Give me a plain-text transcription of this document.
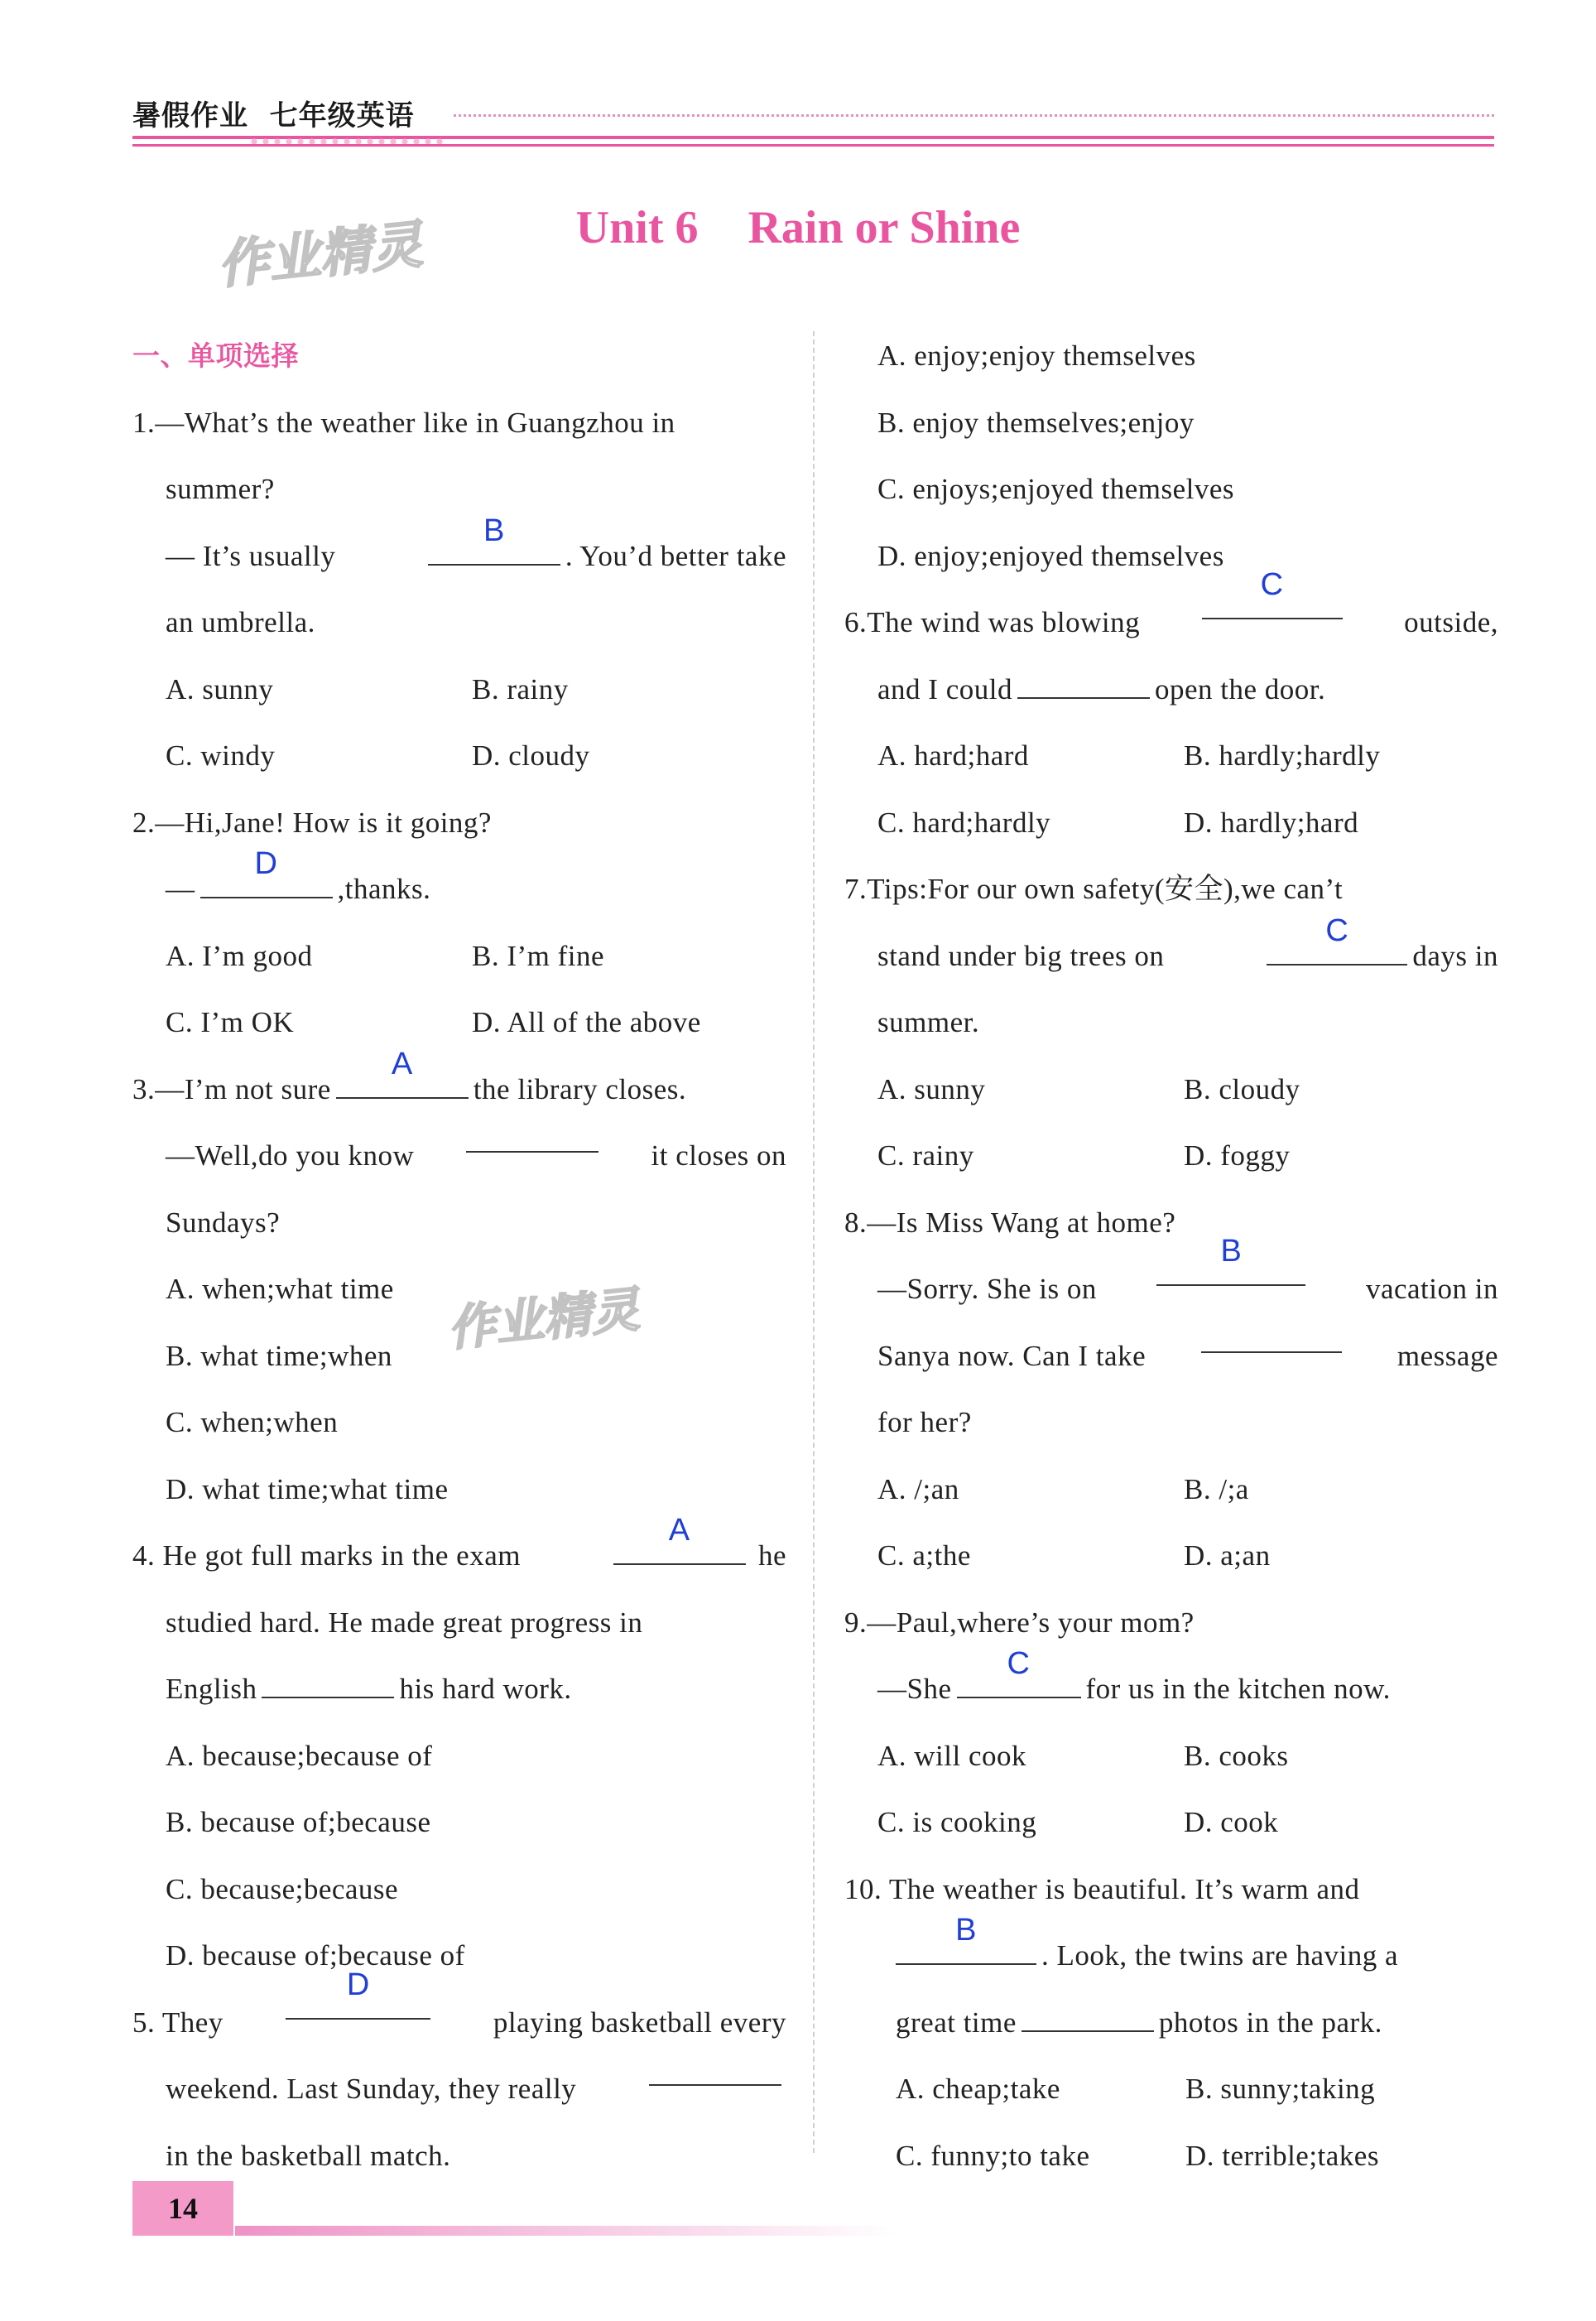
暑假作业  七年级英语
作业精灵
作业精灵
Unit 6 Rain or Shine
一、单项选择
1.—What’s the weather like in Guangzhou in
summer?
— It’s usually
B
. You’d better take
an umbrella.
A. sunny	B. rainy
C. windy	D. cloudy
2.—Hi,Jane! How is it going?
—
D
,thanks.
A. I’m good	B. I’m fine
C. I’m OK	D. All of the above
3.—I’m not sure
A
the library closes.
—Well,do you know	it closes on
Sundays?
A. when;what time
B. what time;when
C. when;when
D. what time;what time
4. He got full marks in the exam
A
he
studied hard. He made great progress in
English	his hard work.
A. because;because of
B. because of;because
C. because;because
D. because of;because of
5. They
D
playing basketball every
weekend. Last Sunday, they really
in the basketball match.
A. enjoy;enjoy themselves
B. enjoy themselves;enjoy
C. enjoys;enjoyed themselves
D. enjoy;enjoyed themselves
6.The wind was blowing
C
outside,
and I could	open the door.
A. hard;hard	B. hardly;hardly
C. hard;hardly	D. hardly;hard
7.Tips:For our own safety(安全),we can’t
stand under big trees on
C
days in
summer.
A. sunny	B. cloudy
C. rainy	D. foggy
8.—Is Miss Wang at home?
—Sorry. She is on
B
vacation in
Sanya now. Can I take	message
for her?
A. /;an	B. /;a
C. a;the	D. a;an
9.—Paul,where’s your mom?
—She
C
for us in the kitchen now.
A. will cook	B. cooks
C. is cooking	D. cook
10. The weather is beautiful. It’s warm and
B
. Look, the twins are having a
great time	photos in the park.
A. cheap;take	B. sunny;taking
C. funny;to take	D. terrible;takes
14
